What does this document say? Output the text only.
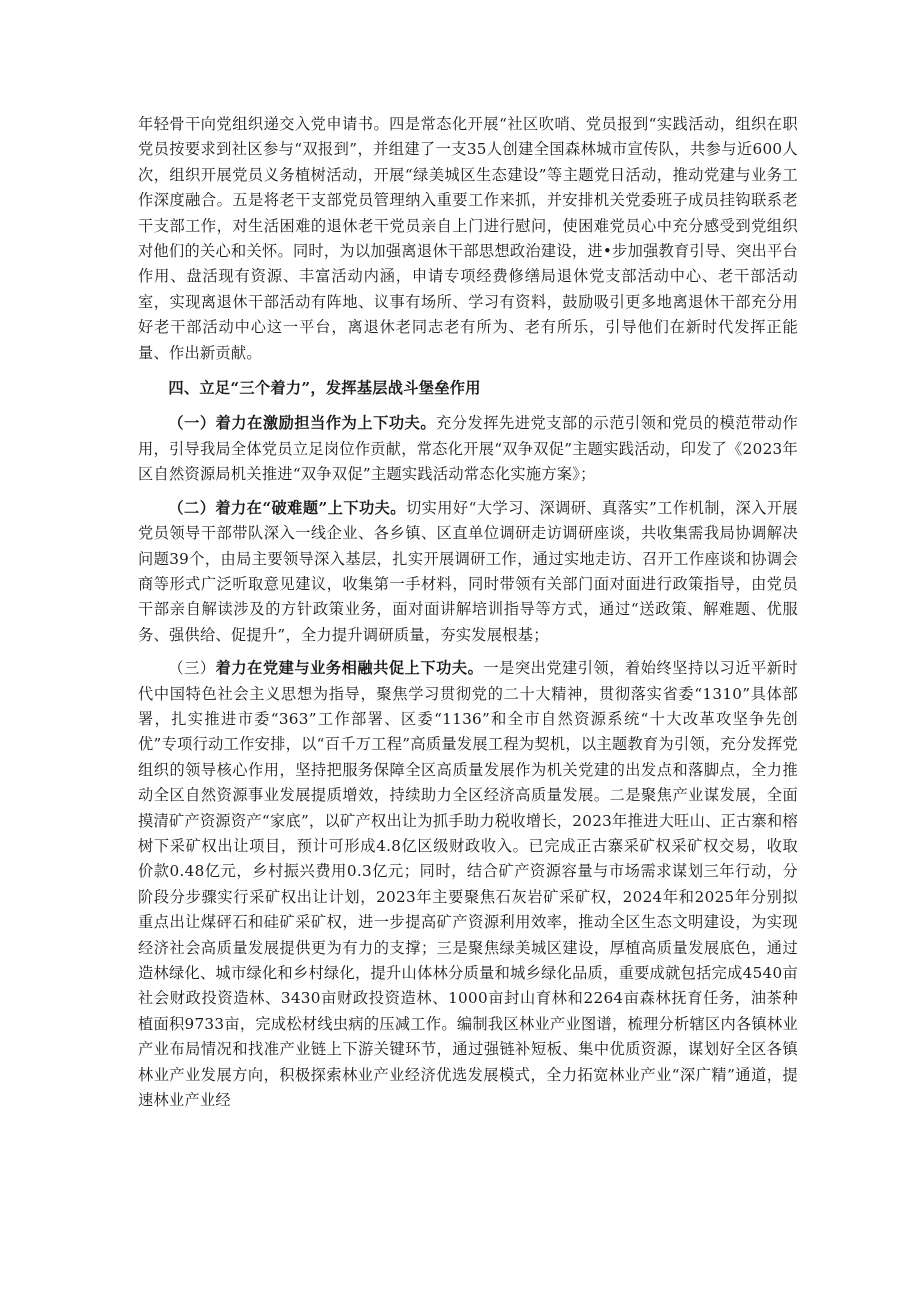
年轻骨干向党组织递交入党申请书。四是常态化开展“社区吹哨、党员报到“实践活动，组织在职党员按要求到社区参与“双报到”，并组建了一支35人创建全国森林城市宣传队，共参与近600人次，组织开展党员义务植树活动，开展“绿美城区生态建设”等主题党日活动，推动党建与业务工作深度融合。五是将老干支部党员管理纳入重要工作来抓，并安排机关党委班子成员挂钩联系老干支部工作，对生活困难的退休老干党员亲自上门进行慰问，使困难党员心中充分感受到党组织对他们的关心和关怀。同时，为以加强离退休干部思想政治建设，进•步加强教育引导、突出平台作用、盘活现有资源、丰富活动内涵，申请专项经费修缮局退休党支部活动中心、老干部活动室，实现离退休干部活动有阵地、议事有场所、学习有资料，鼓励吸引更多地离退休干部充分用好老干部活动中心这一平台，离退休老同志老有所为、老有所乐，引导他们在新时代发挥正能量、作出新贡献。

四、立足“三个着力”，发挥基层战斗堡垒作用

（一）着力在激励担当作为上下功夫。充分发挥先进党支部的示范引领和党员的模范带动作用，引导我局全体党员立足岗位作贡献，常态化开展“双争双促”主题实践活动，印发了《2023年区自然资源局机关推进“双争双促”主题实践活动常态化实施方案》；

（二）着力在“破难题”上下功夫。切实用好“大学习、深调研、真落实”工作机制，深入开展党员领导干部带队深入一线企业、各乡镇、区直单位调研走访调研座谈，共收集需我局协调解决问题39个，由局主要领导深入基层，扎实开展调研工作，通过实地走访、召开工作座谈和协调会商等形式广泛听取意见建议，收集第一手材料，同时带领有关部门面对面进行政策指导，由党员干部亲自解读涉及的方针政策业务，面对面讲解培训指导等方式，通过“送政策、解难题、优服务、强供给、促提升”，全力提升调研质量，夯实发展根基；

（三）着力在党建与业务相融共促上下功夫。一是突出党建引领，着始终坚持以习近平新时代中国特色社会主义思想为指导，聚焦学习贯彻党的二十大精神，贯彻落实省委“1310”具体部署，扎实推进市委“363”工作部署、区委“1136”和全市自然资源系统“十大改革攻坚争先创优”专项行动工作安排，以“百千万工程”高质量发展工程为契机，以主题教育为引领，充分发挥党组织的领导核心作用，坚持把服务保障全区高质量发展作为机关党建的出发点和落脚点，全力推动全区自然资源事业发展提质增效，持续助力全区经济高质量发展。二是聚焦产业谋发展，全面摸清矿产资源资产“家底”，以矿产权出让为抓手助力税收增长，2023年推进大旺山、正古寨和榕树下采矿权出让项目，预计可形成4.8亿区级财政收入。已完成正古寨采矿权采矿权交易，收取价款0.48亿元，乡村振兴费用0.3亿元；同时，结合矿产资源容量与市场需求谋划三年行动，分阶段分步骤实行采矿权出让计划，2023年主要聚焦石灰岩矿采矿权，2024年和2025年分别拟重点出让煤砰石和硅矿采矿权，进一步提高矿产资源利用效率，推动全区生态文明建设，为实现经济社会高质量发展提供更为有力的支撑；三是聚焦绿美城区建设，厚植高质量发展底色，通过造林绿化、城市绿化和乡村绿化，提升山体林分质量和城乡绿化品质，重要成就包括完成4540亩社会财政投资造林、3430亩财政投资造林、1000亩封山育林和2264亩森林抚育任务，油茶种植面积9733亩，完成松材线虫病的压减工作。编制我区林业产业图谱，梳理分析辖区内各镇林业产业布局情况和找准产业链上下游关键环节，通过强链补短板、集中优质资源，谋划好全区各镇林业产业发展方向，积极探索林业产业经济优选发展模式，全力拓宽林业产业“深广精”通道，提速林业产业经
